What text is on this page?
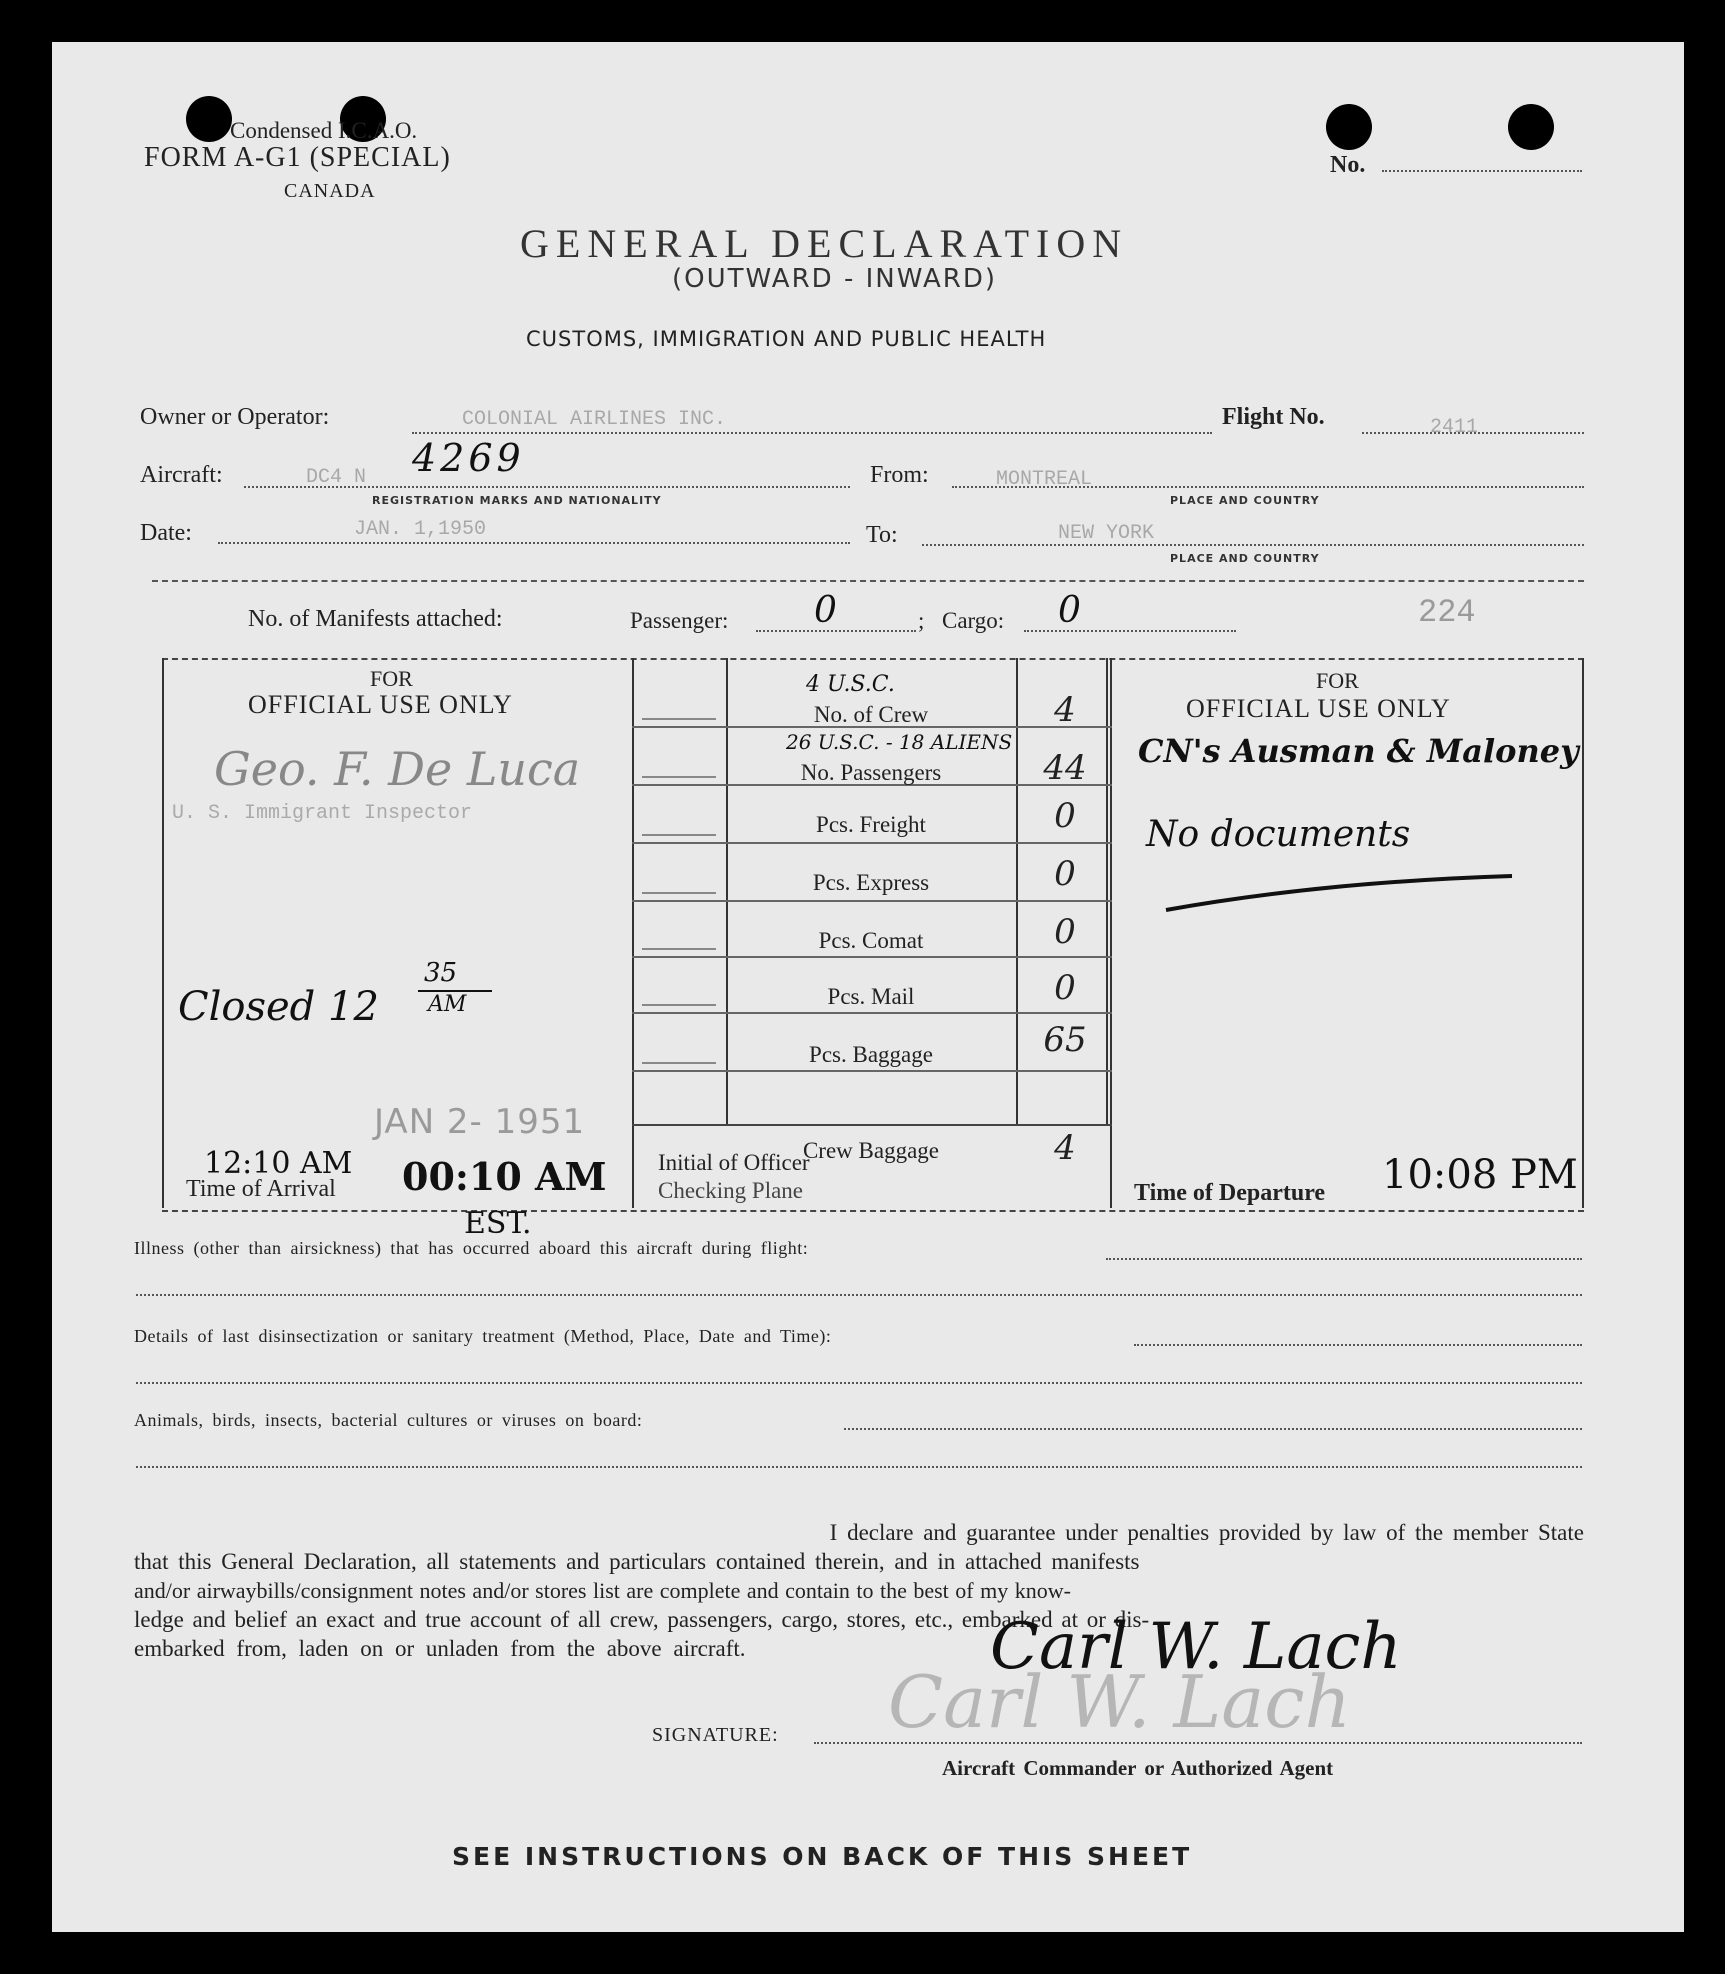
Condensed I.C.A.O.
FORM A-G1 (SPECIAL)
CANADA
No.
GENERAL DECLARATION
(OUTWARD - INWARD)
CUSTOMS, IMMIGRATION AND PUBLIC HEALTH
Owner or Operator:	COLONIAL AIRLINES INC.	Flight No.	2411
Aircraft:	DC4 N 4269
REGISTRATION MARKS AND NATIONALITY
From:	MONTREAL
PLACE AND COUNTRY
Date:	JAN. 1,1950	To:	NEW YORK
PLACE AND COUNTRY
No. of Manifests attached:	Passenger: 0	; Cargo: 0	224
FOR
OFFICIAL USE ONLY
Geo. F. De Luca
U. S. Immigrant Inspector
Closed 12
35
AM
JAN 2- 1951
12:10 AM
Time of Arrival 00:10 AM
EST.
4 U.S.C.
No. of Crew	4
26 U.S.C. - 18 ALIENS
No. Passengers	44
Pcs. Freight	0
Pcs. Express	0
Pcs. Comat	0
Pcs. Mail	0
Pcs. Baggage	65
Crew Baggage	4
Initial of Officer
Checking Plane
FOR
OFFICIAL USE ONLY
CN's Ausman & Maloney
No documents
Time of Departure 10:08 PM
Illness (other than airsickness) that has occurred aboard this aircraft during flight:
Details of last disinsectization or sanitary treatment (Method, Place, Date and Time):
Animals, birds, insects, bacterial cultures or viruses on board:

I declare and guarantee under penalties provided by law of the member State

that this General Declaration, all statements and particulars contained therein, and in attached manifests

and/or airwaybills/consignment notes and/or stores list are complete and contain to the best of my know-

ledge and belief an exact and true account of all crew, passengers, cargo, stores, etc., embarked at or dis-

embarked from, laden on or unladen from the above aircraft.	Carl W. Lach
Carl W. Lach
SIGNATURE:
Aircraft Commander or Authorized Agent
SEE INSTRUCTIONS ON BACK OF THIS SHEET
